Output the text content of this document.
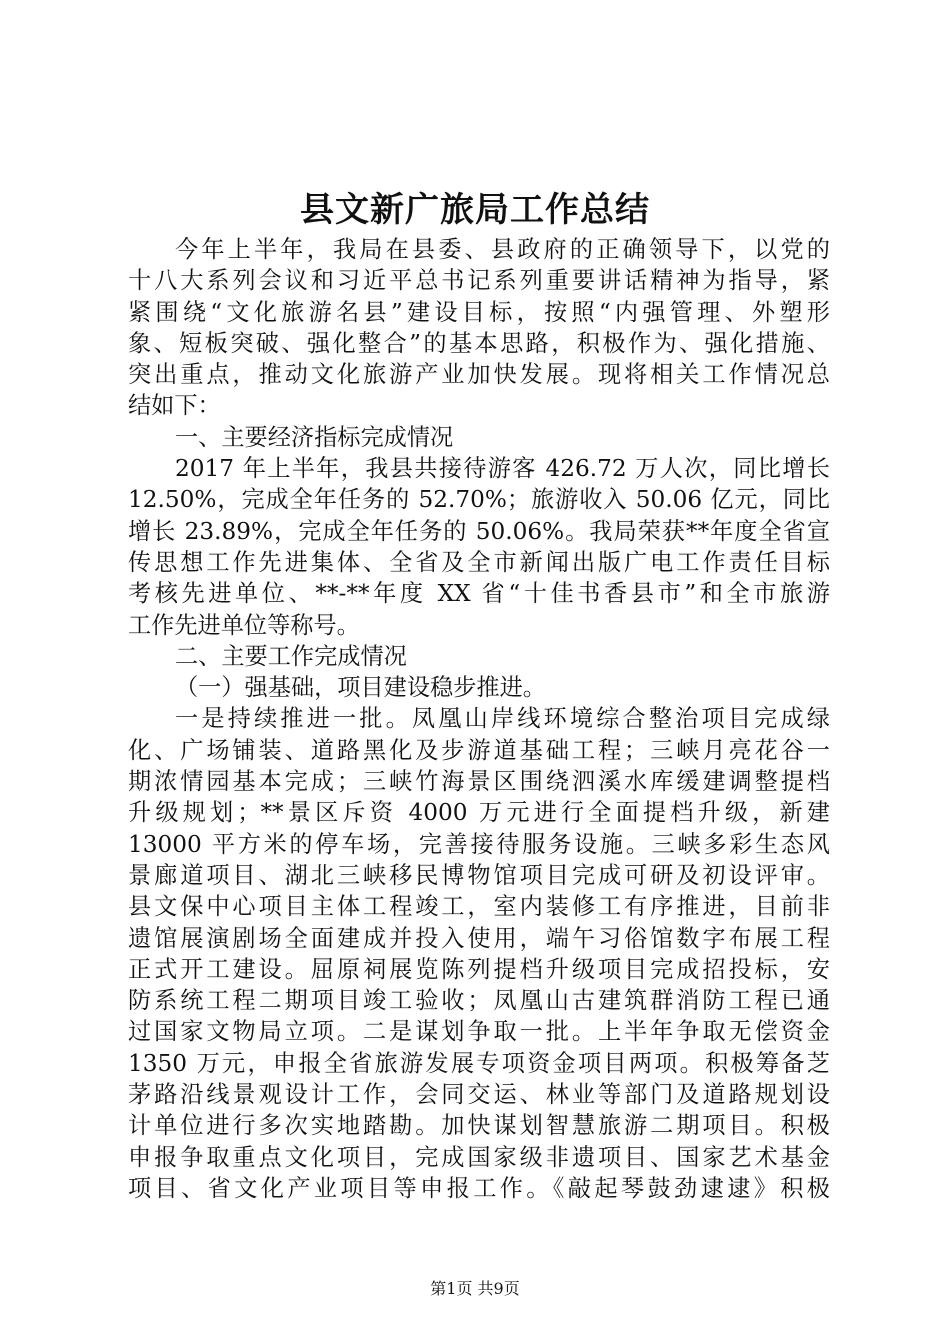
县文新广旅局工作总结
今年上半年，我局在县委、县政府的正确领导下，以党的
十八大系列会议和习近平总书记系列重要讲话精神为指导，紧
紧围绕“文化旅游名县”建设目标，按照“内强管理、外塑形
象、短板突破、强化整合”的基本思路，积极作为、强化措施、
突出重点，推动文化旅游产业加快发展。现将相关工作情况总
结如下：
一、主要经济指标完成情况
2017 年上半年，我县共接待游客 426.72 万人次，同比增长
12.50%，完成全年任务的 52.70%；旅游收入 50.06 亿元，同比
增长 23.89%，完成全年任务的 50.06%。我局荣获**年度全省宣
传思想工作先进集体、全省及全市新闻出版广电工作责任目标
考核先进单位、**-**年度 XX 省“十佳书香县市”和全市旅游
工作先进单位等称号。
二、主要工作完成情况
（一）强基础，项目建设稳步推进。
一是持续推进一批。凤凰山岸线环境综合整治项目完成绿
化、广场铺装、道路黑化及步游道基础工程；三峡月亮花谷一
期浓情园基本完成；三峡竹海景区围绕泗溪水库缓建调整提档
升级规划；**景区斥资 4000 万元进行全面提档升级，新建
13000 平方米的停车场，完善接待服务设施。三峡多彩生态风
景廊道项目、湖北三峡移民博物馆项目完成可研及初设评审。
县文保中心项目主体工程竣工，室内装修工有序推进，目前非
遗馆展演剧场全面建成并投入使用，端午习俗馆数字布展工程
正式开工建设。屈原祠展览陈列提档升级项目完成招投标，安
防系统工程二期项目竣工验收；凤凰山古建筑群消防工程已通
过国家文物局立项。二是谋划争取一批。上半年争取无偿资金
1350 万元，申报全省旅游发展专项资金项目两项。积极筹备芝
茅路沿线景观设计工作，会同交运、林业等部门及道路规划设
计单位进行多次实地踏勘。加快谋划智慧旅游二期项目。积极
申报争取重点文化项目，完成国家级非遗项目、国家艺术基金
项目、省文化产业项目等申报工作。《敲起琴鼓劲逮逮》积极
第1页 共9页
